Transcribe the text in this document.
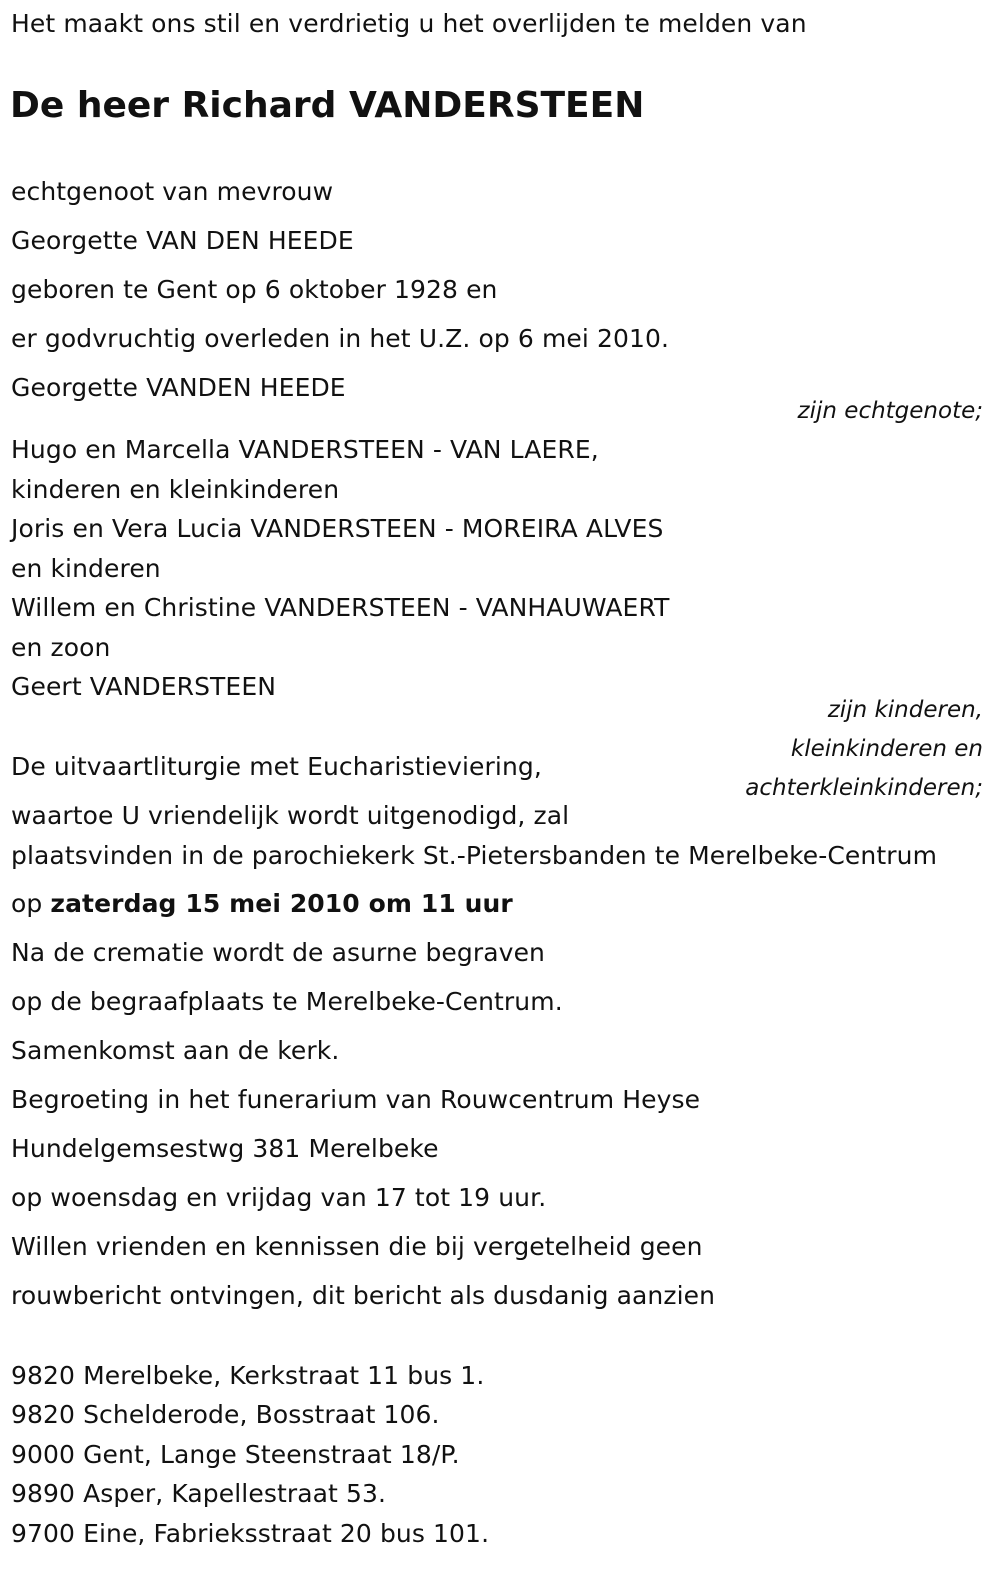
Het maakt ons stil en verdrietig u het overlijden te melden van

De heer Richard VANDERSTEEN

echtgenoot van mevrouw

Georgette VAN DEN HEEDE

geboren te Gent op 6 oktober 1928 en

er godvruchtig overleden in het U.Z. op 6 mei 2010.

Georgette VANDEN HEEDE

zijn echtgenote;

Hugo en Marcella VANDERSTEEN - VAN LAERE,

kinderen en kleinkinderen

Joris en Vera Lucia VANDERSTEEN - MOREIRA ALVES

en kinderen

Willem en Christine VANDERSTEEN - VANHAUWAERT

en zoon

Geert VANDERSTEEN

zijn kinderen,
kleinkinderen en
achterkleinkinderen;

De uitvaartliturgie met Eucharistieviering,

waartoe U vriendelijk wordt uitgenodigd, zal

plaatsvinden in de parochiekerk St.-Pietersbanden te Merelbeke-Centrum

op zaterdag 15 mei 2010 om 11 uur

Na de crematie wordt de asurne begraven

op de begraafplaats te Merelbeke-Centrum.

Samenkomst aan de kerk.

Begroeting in het funerarium van Rouwcentrum Heyse

Hundelgemsestwg 381 Merelbeke

op woensdag en vrijdag van 17 tot 19 uur.

Willen vrienden en kennissen die bij vergetelheid geen

rouwbericht ontvingen, dit bericht als dusdanig aanzien

9820 Merelbeke, Kerkstraat 11 bus 1.

9820 Schelderode, Bosstraat 106.

9000 Gent, Lange Steenstraat 18/P.

9890 Asper, Kapellestraat 53.

9700 Eine, Fabrieksstraat 20 bus 101.
